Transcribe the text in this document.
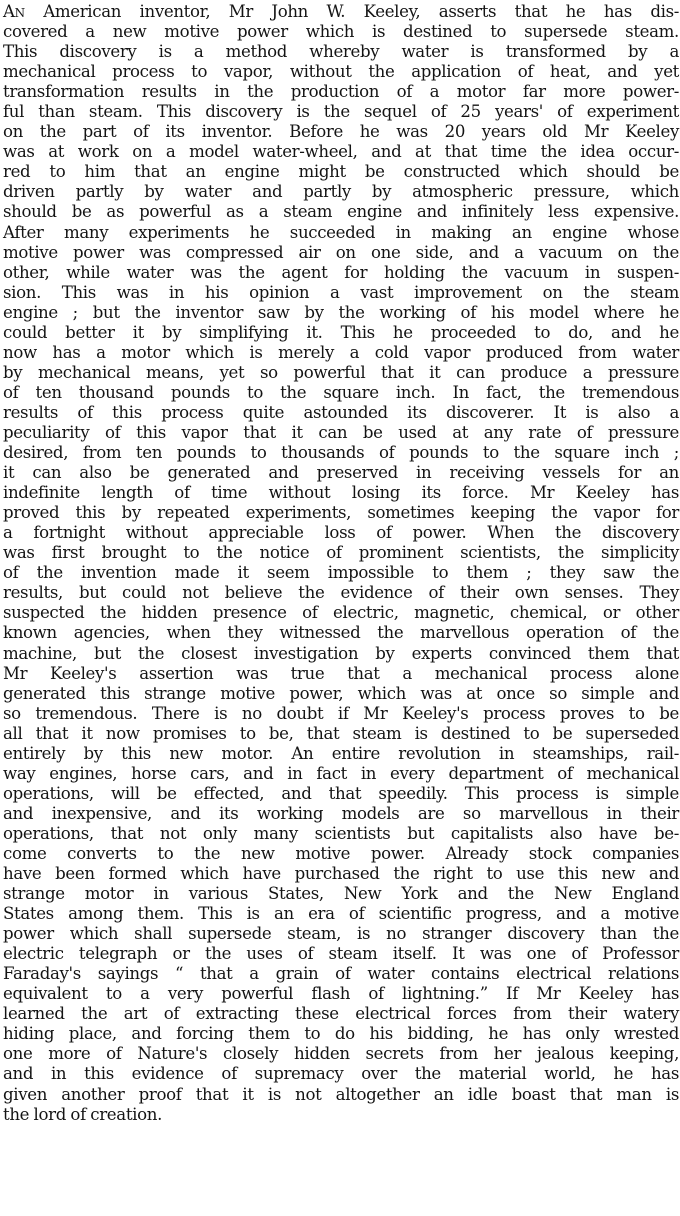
An American inventor, Mr John W. Keeley, asserts that he has dis-
covered a new motive power which is destined to supersede steam.
This discovery is a method whereby water is transformed by a
mechanical process to vapor, without the application of heat, and yet
transformation results in the production of a motor far more power-
ful than steam. This discovery is the sequel of 25 years' of experiment
on the part of its inventor. Before he was 20 years old Mr Keeley
was at work on a model water-wheel, and at that time the idea occur-
red to him that an engine might be constructed which should be
driven partly by water and partly by atmospheric pressure, which
should be as powerful as a steam engine and infinitely less expensive.
After many experiments he succeeded in making an engine whose
motive power was compressed air on one side, and a vacuum on the
other, while water was the agent for holding the vacuum in suspen-
sion. This was in his opinion a vast improvement on the steam
engine ; but the inventor saw by the working of his model where he
could better it by simplifying it. This he proceeded to do, and he
now has a motor which is merely a cold vapor produced from water
by mechanical means, yet so powerful that it can produce a pressure
of ten thousand pounds to the square inch. In fact, the tremendous
results of this process quite astounded its discoverer. It is also a
peculiarity of this vapor that it can be used at any rate of pressure
desired, from ten pounds to thousands of pounds to the square inch ;
it can also be generated and preserved in receiving vessels for an
indefinite length of time without losing its force. Mr Keeley has
proved this by repeated experiments, sometimes keeping the vapor for
a fortnight without appreciable loss of power. When the discovery
was first brought to the notice of prominent scientists, the simplicity
of the invention made it seem impossible to them ; they saw the
results, but could not believe the evidence of their own senses. They
suspected the hidden presence of electric, magnetic, chemical, or other
known agencies, when they witnessed the marvellous operation of the
machine, but the closest investigation by experts convinced them that
Mr Keeley's assertion was true that a mechanical process alone
generated this strange motive power, which was at once so simple and
so tremendous. There is no doubt if Mr Keeley's process proves to be
all that it now promises to be, that steam is destined to be superseded
entirely by this new motor. An entire revolution in steamships, rail-
way engines, horse cars, and in fact in every department of mechanical
operations, will be effected, and that speedily. This process is simple
and inexpensive, and its working models are so marvellous in their
operations, that not only many scientists but capitalists also have be-
come converts to the new motive power. Already stock companies
have been formed which have purchased the right to use this new and
strange motor in various States, New York and the New England
States among them. This is an era of scientific progress, and a motive
power which shall supersede steam, is no stranger discovery than the
electric telegraph or the uses of steam itself. It was one of Professor
Faraday's sayings “ that a grain of water contains electrical relations
equivalent to a very powerful flash of lightning.” If Mr Keeley has
learned the art of extracting these electrical forces from their watery
hiding place, and forcing them to do his bidding, he has only wrested
one more of Nature's closely hidden secrets from her jealous keeping,
and in this evidence of supremacy over the material world, he has
given another proof that it is not altogether an idle boast that man is
the lord of creation.
